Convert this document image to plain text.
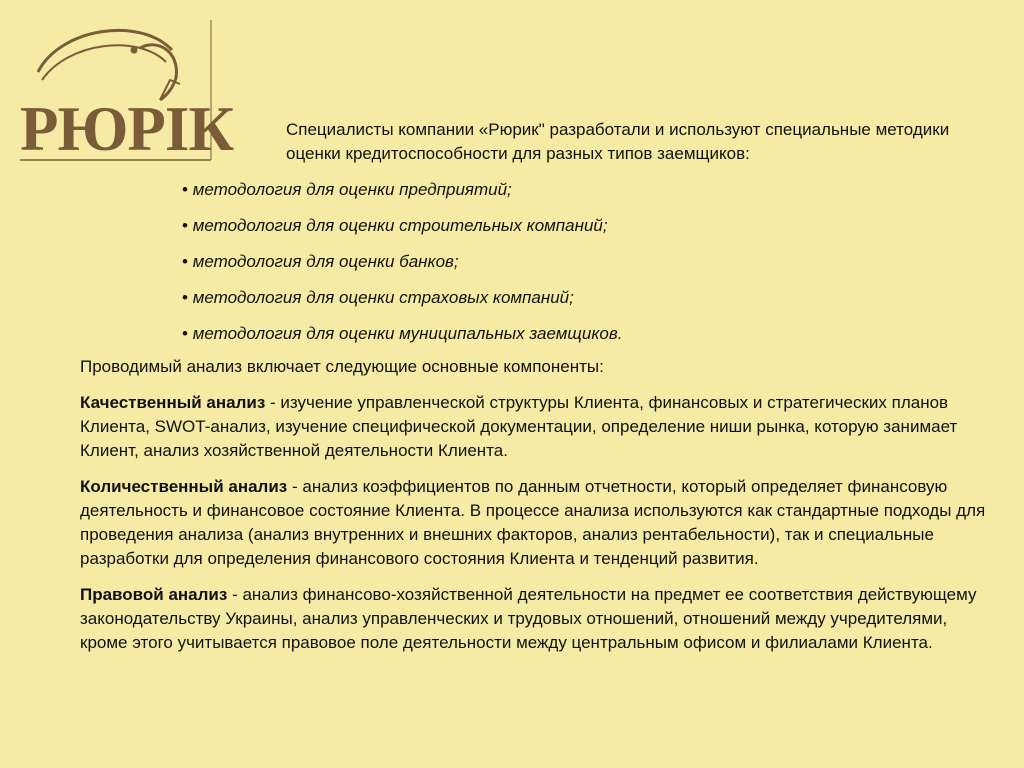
РЮРІК	Специалисты компании «Рюрик" разработали и используют специальные методики оценки кредитоспособности для разных типов заемщиков:

• методология для оценки предприятий;
• методология для оценки строительных компаний;
• методология для оценки банков;
• методология для оценки страховых компаний;
• методология для оценки муниципальных заемщиков.

Проводимый анализ включает следующие основные компоненты:

Качественный анализ - изучение управленческой структуры Клиента, финансовых и стратегических планов Клиента, SWOT-анализ, изучение специфической документации, определение ниши рынка, которую занимает Клиент, анализ хозяйственной деятельности Клиента.

Количественный анализ - анализ коэффициентов по данным отчетности, который определяет финансовую деятельность и финансовое состояние Клиента. В процессе анализа используются как стандартные подходы для проведения анализа (анализ внутренних и внешних факторов, анализ рентабельности), так и специальные разработки для определения финансового состояния Клиента и тенденций развития.

Правовой анализ - анализ финансово-хозяйственной деятельности на предмет ее соответствия действующему законодательству Украины, анализ управленческих и трудовых отношений, отношений между учредителями, кроме этого учитывается правовое поле деятельности между центральным офисом и филиалами Клиента.
